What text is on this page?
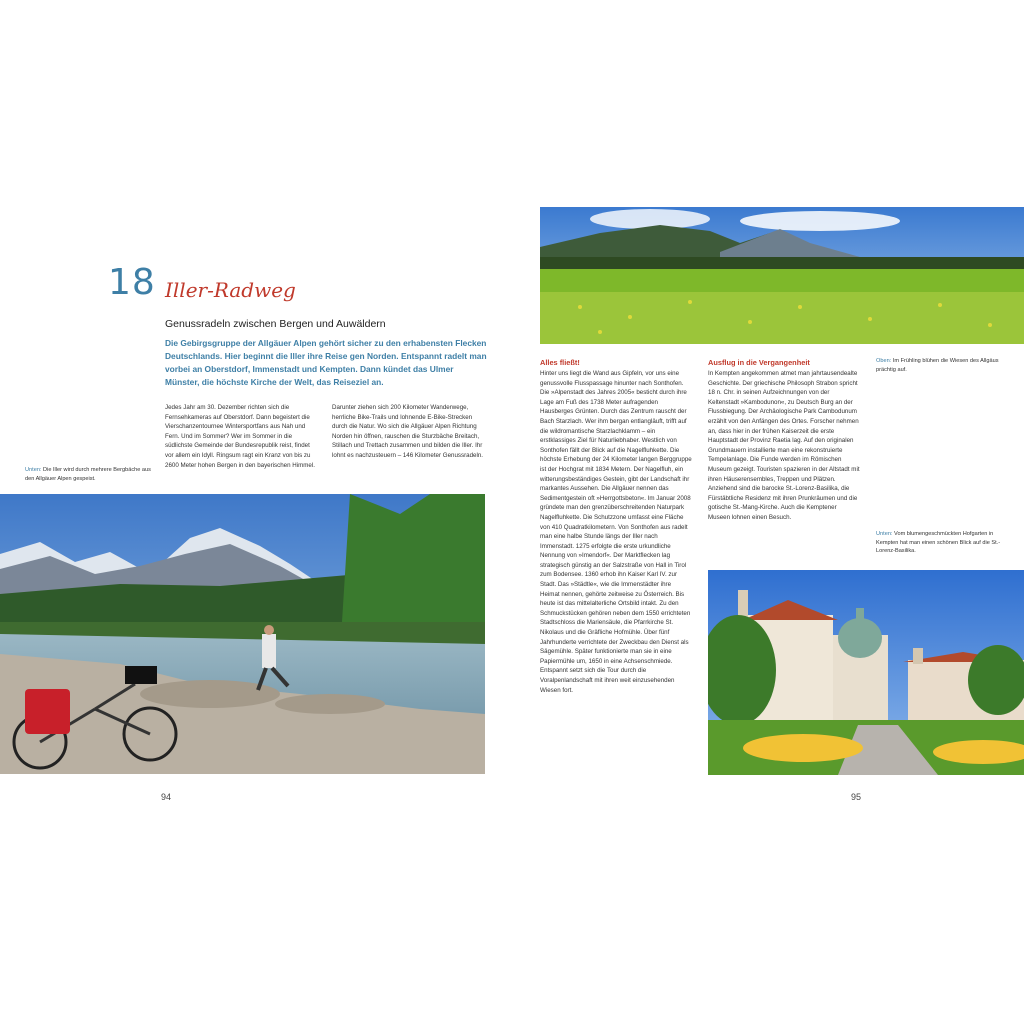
18 Iller-Radweg
Genussradeln zwischen Bergen und Auwäldern
Die Gebirgsgruppe der Allgäuer Alpen gehört sicher zu den erhabensten Flecken Deutschlands. Hier beginnt die Iller ihre Reise gen Norden. Entspannt radelt man vorbei an Oberstdorf, Immenstadt und Kempten. Dann kündet das Ulmer Münster, die höchste Kirche der Welt, das Reiseziel an.
Unten: Die Iller wird durch mehrere Bergbäche aus den Allgäuer Alpen gespeist.
Jedes Jahr am 30. Dezember richten sich die Fernsehkameras auf Oberstdorf. Dann begeistert die Vierschanzentournee Wintersportfans aus Nah und Fern. Und im Sommer? Wer im Sommer in die südlichste Gemeinde der Bundesrepublik reist, findet vor allem ein Idyll. Ringsum ragt ein Kranz von bis zu 2600 Meter hohen Bergen in den bayerischen Himmel.
Darunter ziehen sich 200 Kilometer Wanderwege, herrliche Bike-Trails und lohnende E-Bike-Strecken durch die Natur. Wo sich die Allgäuer Alpen Richtung Norden hin öffnen, rauschen die Sturzbäche Breitach, Stillach und Trettach zusammen und bilden die Iller. Ihr lohnt es nachzusteuern – 146 Kilometer Genussradeln.
94
Oben: Im Frühling blühen die Wiesen des Allgäus prächtig auf.
Alles fließt!
Hinter uns liegt die Wand aus Gipfeln, vor uns eine genussvolle Flusspassage hinunter nach Sonthofen. Die »Alpenstadt des Jahres 2005« besticht durch ihre Lage am Fuß des 1738 Meter aufragenden Hausberges Grünten. Durch das Zentrum rauscht der Bach Starzlach. Wer ihm bergan entlangläuft, trifft auf die wildromantische Starzlachklamm – ein erstklassiges Ziel für Naturliebhaber. Westlich von Sonthofen fällt der Blick auf die Nagelfluhkette. Die höchste Erhebung der 24 Kilometer langen Berggruppe ist der Hochgrat mit 1834 Metern. Der Nagelfluh, ein witterungsbeständiges Gestein, gibt der Landschaft ihr markantes Aussehen. Die Allgäuer nennen das Sedimentgestein oft »Herrgottsbeton«. Im Januar 2008 gründete man den grenzüberschreitenden Naturpark Nagelfluhkette. Die Schutzzone umfasst eine Fläche von 410 Quadratkilometern. Von Sonthofen aus radelt man eine halbe Stunde längs der Iller nach Immenstadt. 1275 erfolgte die erste urkundliche Nennung von »Imendorf«. Der Marktflecken lag strategisch günstig an der Salzstraße von Hall in Tirol zum Bodensee. 1360 erhob ihn Kaiser Karl IV. zur Stadt. Das »Städtle«, wie die Immenstädter ihre Heimat nennen, gehörte zeitweise zu Österreich. Bis heute ist das mittelalterliche Ortsbild intakt. Zu den Schmuckstücken gehören neben dem 1550 errichteten Stadtschloss die Mariensäule, die Pfarrkirche St. Nikolaus und die Gräfliche Hofmühle. Über fünf Jahrhunderte verrichtete der Zweckbau den Dienst als Sägemühle. Später funktionierte man sie in eine Papiermühle um, 1650 in eine Achsenschmiede. Entspannt setzt sich die Tour durch die Voralpenlandschaft mit ihren weit einzusehenden Wiesen fort.
Ausflug in die Vergangenheit
In Kempten angekommen atmet man jahrtausendealte Geschichte. Der griechische Philosoph Strabon spricht 18 n. Chr. in seinen Aufzeichnungen von der Keltenstadt »Kambodunon«, zu Deutsch Burg an der Flussbiegung. Der Archäologische Park Cambodunum erzählt von den Anfängen des Ortes. Forscher nehmen an, dass hier in der frühen Kaiserzeit die erste Hauptstadt der Provinz Raetia lag. Auf den originalen Grundmauern installierte man eine rekonstruierte Tempelanlage. Die Funde werden im Römischen Museum gezeigt. Touristen spazieren in der Altstadt mit ihren Häuserensembles, Treppen und Plätzen. Anziehend sind die barocke St.-Lorenz-Basilika, die Fürstäbtliche Residenz mit ihren Prunkräumen und die gotische St.-Mang-Kirche. Auch die Kemptener Museen lohnen einen Besuch.
Unten: Vom blumengeschmückten Hofgarten in Kempten hat man einen schönen Blick auf die St.-Lorenz-Basilika.
95
